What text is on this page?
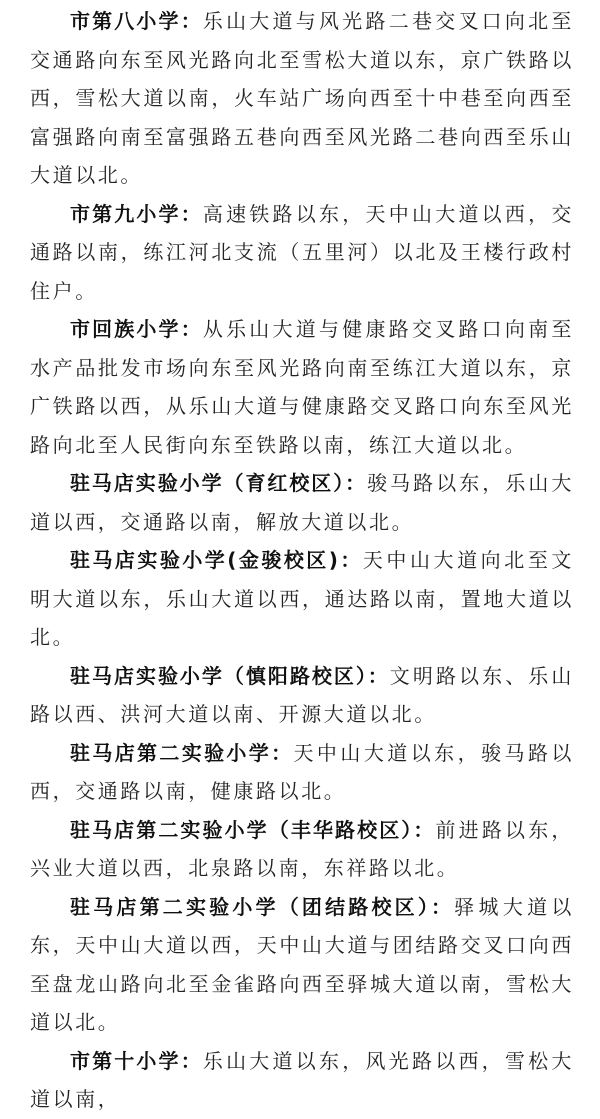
市第八小学：乐山大道与风光路二巷交叉口向北至交通路向东至风光路向北至雪松大道以东，京广铁路以西，雪松大道以南，火车站广场向西至十中巷至向西至富强路向南至富强路五巷向西至风光路二巷向西至乐山大道以北。

市第九小学：高速铁路以东，天中山大道以西，交通路以南，练江河北支流（五里河）以北及王楼行政村住户。

市回族小学：从乐山大道与健康路交叉路口向南至水产品批发市场向东至风光路向南至练江大道以东，京广铁路以西，从乐山大道与健康路交叉路口向东至风光路向北至人民街向东至铁路以南，练江大道以北。

驻马店实验小学（育红校区）：骏马路以东，乐山大道以西，交通路以南，解放大道以北。

驻马店实验小学(金骏校区)：天中山大道向北至文明大道以东，乐山大道以西，通达路以南，置地大道以北。

驻马店实验小学（慎阳路校区）：文明路以东、乐山路以西、洪河大道以南、开源大道以北。

驻马店第二实验小学：天中山大道以东，骏马路以西，交通路以南，健康路以北。

驻马店第二实验小学（丰华路校区）：前进路以东，兴业大道以西，北泉路以南，东祥路以北。

驻马店第二实验小学（团结路校区）：驿城大道以东，天中山大道以西，天中山大道与团结路交叉口向西至盘龙山路向北至金雀路向西至驿城大道以南，雪松大道以北。

市第十小学：乐山大道以东，风光路以西，雪松大道以南，
